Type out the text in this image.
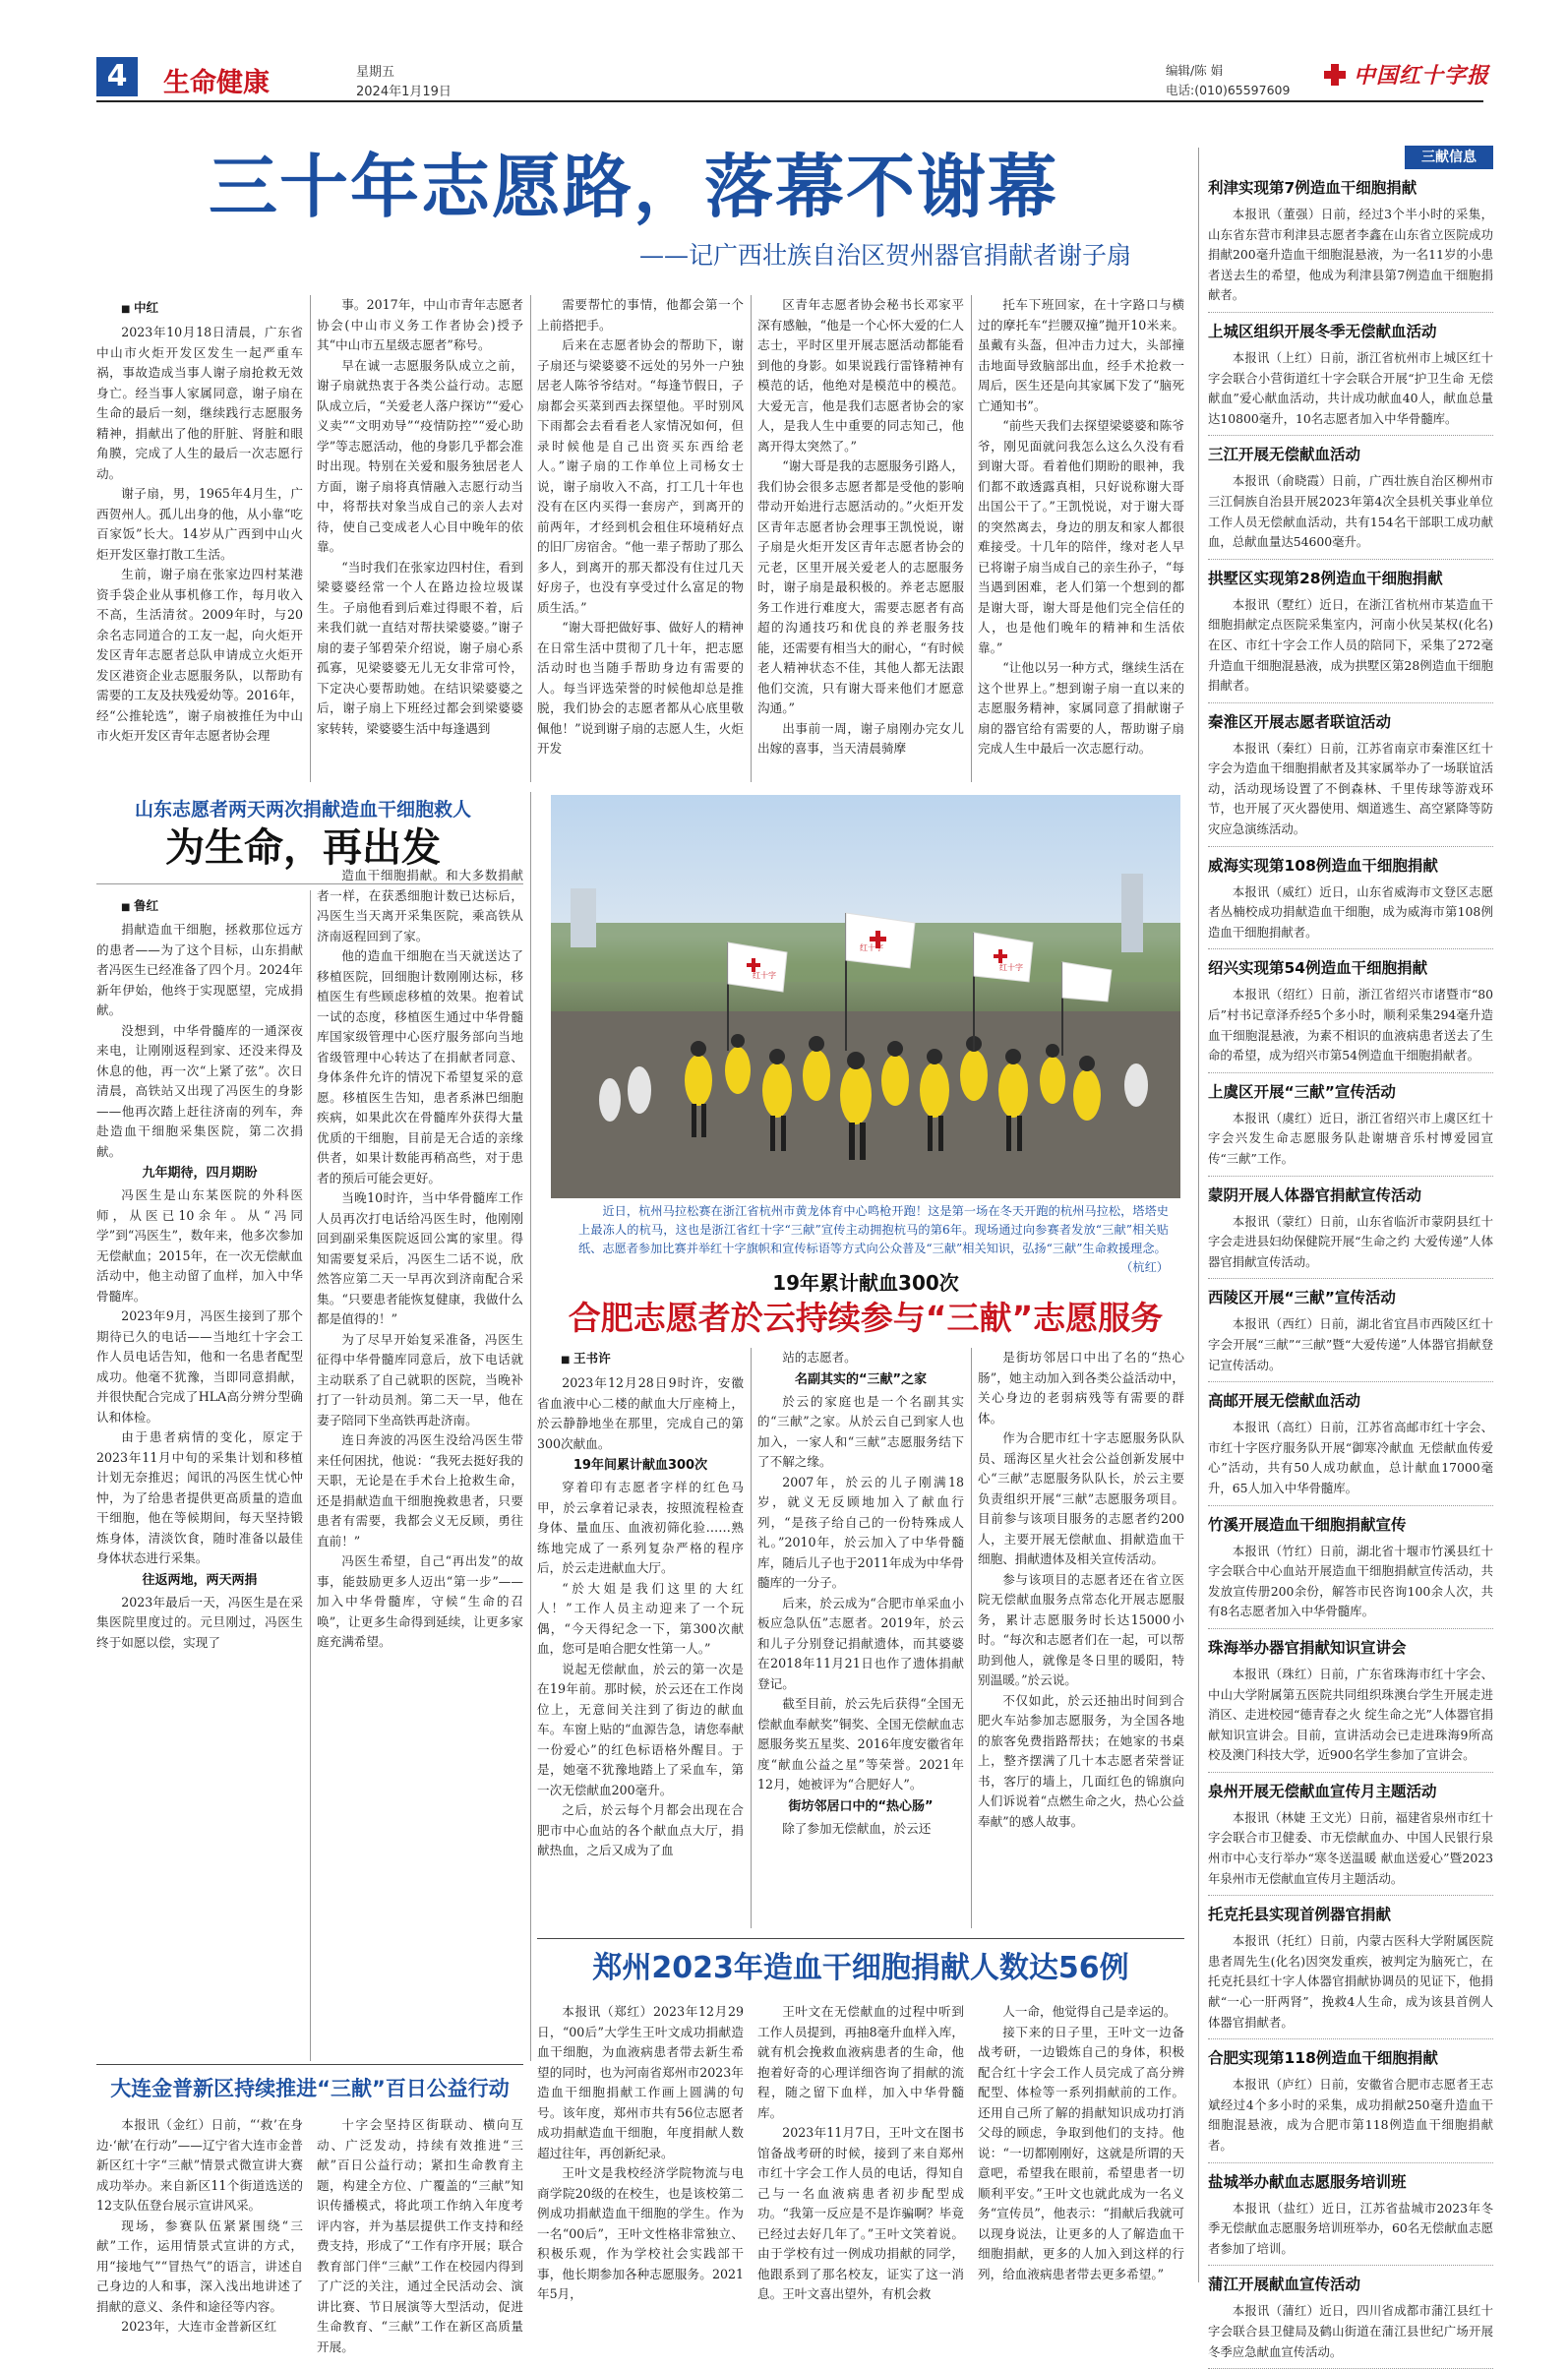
4	生命健康	星期五
2024年1月19日
编辑/陈 娟
电话:(010)65597609
中国红十字报
三十年志愿路，落幕不谢幕
——记广西壮族自治区贺州器官捐献者谢子扇
■ 中红

2023年10月18日清晨，广东省中山市火炬开发区发生一起严重车祸，事故造成当事人谢子扇抢救无效身亡。经当事人家属同意，谢子扇在生命的最后一刻，继续践行志愿服务精神，捐献出了他的肝脏、肾脏和眼角膜，完成了人生的最后一次志愿行动。

谢子扇，男，1965年4月生，广西贺州人。孤儿出身的他，从小靠“吃百家饭”长大。14岁从广西到中山火炬开发区靠打散工生活。

生前，谢子扇在张家边四村某港资手袋企业从事机修工作，每月收入不高，生活清贫。2009年时，与20余名志同道合的工友一起，向火炬开发区青年志愿者总队申请成立火炬开发区港资企业志愿服务队，以帮助有需要的工友及扶残爱幼等。2016年，经“公推轮选”，谢子扇被推任为中山市火炬开发区青年志愿者协会理

事。2017年，中山市青年志愿者协会(中山市义务工作者协会)授予其“中山市五星级志愿者”称号。

早在诚一志愿服务队成立之前，谢子扇就热衷于各类公益行动。志愿队成立后，“关爱老人落户探访”“爱心义卖”“文明劝导”“疫情防控”“爱心助学”等志愿活动，他的身影几乎都会准时出现。特别在关爱和服务独居老人方面，谢子扇将真情融入志愿行动当中，将帮扶对象当成自己的亲人去对待，使自己变成老人心目中晚年的依靠。

“当时我们在张家边四村住，看到梁婆婆经常一个人在路边捡垃圾谋生。子扇他看到后难过得眼不着，后来我们就一直结对帮扶梁婆婆。”谢子扇的妻子邹碧荣介绍说，谢子扇心系孤寡，见梁婆婆无儿无女非常可怜，下定决心要帮助她。在结识梁婆婆之后，谢子扇上下班经过都会到梁婆婆家转转，梁婆婆生活中每逢遇到

需要帮忙的事情，他都会第一个上前搭把手。

后来在志愿者协会的帮助下，谢子扇还与梁婆婆不远处的另外一户独居老人陈爷爷结对。“每逢节假日，子扇都会买菜到西去探望他。平时别风下雨都会去看看老人家情况如何，但录时候他是自己出资买东西给老人。”谢子扇的工作单位上司杨女士说，谢子扇收入不高，打工几十年也没有在区内买得一套房产，到离开的前两年，才经到机会租住环境稍好点的旧厂房宿舍。“他一辈子帮助了那么多人，到离开的那天都没有住过几天好房子，也没有享受过什么富足的物质生活。”

“谢大哥把做好事、做好人的精神在日常生活中贯彻了几十年，把志愿活动时也当随手帮助身边有需要的人。每当评选荣誉的时候他却总是推脱，我们协会的志愿者都从心底里敬佩他！”说到谢子扇的志愿人生，火炬开发

区青年志愿者协会秘书长邓家平深有感触，“他是一个心怀大爱的仁人志士，平时区里开展志愿活动都能看到他的身影。如果说践行雷锋精神有模范的话，他绝对是模范中的模范。大爱无言，他是我们志愿者协会的家人，是我人生中重要的同志知己，他离开得太突然了。”

“谢大哥是我的志愿服务引路人，我们协会很多志愿者都是受他的影响带动开始进行志愿活动的。”火炬开发区青年志愿者协会理事王凯悦说，谢子扇是火炬开发区青年志愿者协会的元老，区里开展关爱老人的志愿服务时，谢子扇是最积极的。养老志愿服务工作进行难度大，需要志愿者有高超的沟通技巧和优良的养老服务技能，还需要有相当大的耐心，“有时候老人精神状态不佳，其他人都无法跟他们交流，只有谢大哥来他们才愿意沟通。”

出事前一周，谢子扇刚办完女儿出嫁的喜事，当天清晨骑摩

托车下班回家，在十字路口与横过的摩托车“拦腰双撞”抛开10米来。虽戴有头盔，但冲击力过大，头部撞击地面导致脑部出血，经手术抢救一周后，医生还是向其家属下发了“脑死亡通知书”。

“前些天我们去探望梁婆婆和陈爷爷，刚见面就问我怎么这么久没有看到谢大哥。看着他们期盼的眼神，我们都不敢透露真相，只好说称谢大哥出国公干了。”王凯悦说，对于谢大哥的突然离去，身边的朋友和家人都很难接受。十几年的陪伴，缘对老人早已将谢子扇当成自己的亲生孙子，“每当遇到困难，老人们第一个想到的都是谢大哥，谢大哥是他们完全信任的人，也是他们晚年的精神和生活依靠。”

“让他以另一种方式，继续生活在这个世界上。”想到谢子扇一直以来的志愿服务精神，家属同意了捐献谢子扇的器官给有需要的人，帮助谢子扇完成人生中最后一次志愿行动。

山东志愿者两天两次捐献造血干细胞救人
为生命，再出发
■ 鲁红

捐献造血干细胞，拯救那位远方的患者——为了这个目标，山东捐献者冯医生已经准备了四个月。2024年新年伊始，他终于实现愿望，完成捐献。

没想到，中华骨髓库的一通深夜来电，让刚刚返程到家、还没来得及休息的他，再一次“上紧了弦”。次日清晨，高铁站又出现了冯医生的身影——他再次踏上赶往济南的列车，奔赴造血干细胞采集医院，第二次捐献。

九年期待，四月期盼

冯医生是山东某医院的外科医师，从医已10余年。从“冯同学”到“冯医生”，数年来，他多次参加无偿献血；2015年，在一次无偿献血活动中，他主动留了血样，加入中华骨髓库。

2023年9月，冯医生接到了那个期待已久的电话——当地红十字会工作人员电话告知，他和一名患者配型成功。他毫不犹豫，当即同意捐献，并很快配合完成了HLA高分辨分型确认和体检。

由于患者病情的变化，原定于2023年11月中旬的采集计划和移植计划无奈推迟；闻讯的冯医生忧心忡忡，为了给患者提供更高质量的造血干细胞，他在等候期间，每天坚持锻炼身体，清淡饮食，随时准备以最佳身体状态进行采集。

往返两地，两天两捐

2023年最后一天，冯医生是在采集医院里度过的。元旦刚过，冯医生终于如愿以偿，实现了

造血干细胞捐献。和大多数捐献者一样，在获悉细胞计数已达标后，冯医生当天离开采集医院，乘高铁从济南返程回到了家。

他的造血干细胞在当天就送达了移植医院，回细胞计数刚刚达标，移植医生有些顾虑移植的效果。抱着试一试的态度，移植医生通过中华骨髓库国家级管理中心医疗服务部向当地省级管理中心转达了在捐献者同意、身体条件允许的情况下希望复采的意愿。移植医生告知，患者系淋巴细胞疾病，如果此次在骨髓库外获得大量优质的干细胞，目前是无合适的亲缘供者，如果计数能再稍高些，对于患者的预后可能会更好。

当晚10时许，当中华骨髓库工作人员再次打电话给冯医生时，他刚刚回到副采集医院返回公寓的家里。得知需要复采后，冯医生二话不说，欣然答应第二天一早再次到济南配合采集。“只要患者能恢复健康，我做什么都是值得的！”

为了尽早开始复采准备，冯医生征得中华骨髓库同意后，放下电话就主动联系了自己就职的医院，当晚补打了一针动员剂。第二天一早，他在妻子陪同下坐高铁再赴济南。

连日奔波的冯医生没给冯医生带来任何困扰，他说：“我死去挺好我的天职，无论是在手术台上抢救生命，还是捐献造血干细胞挽救患者，只要患者有需要，我都会义无反顾，勇往直前！”

冯医生希望，自己“再出发”的故事，能鼓励更多人迈出“第一步”——加入中华骨髓库，守候“生命的召唤”，让更多生命得到延续，让更多家庭充满希望。

红十字
红十字
红十字
近日，杭州马拉松赛在浙江省杭州市黄龙体育中心鸣枪开跑！这是第一场在冬天开跑的杭州马拉松，塔塔史上最冻人的杭马，这也是浙江省红十字“三献”宣传主动拥抱杭马的第6年。现场通过向参赛者发放“三献”相关贴纸、志愿者参加比赛并举红十字旗帜和宣传标语等方式向公众普及“三献”相关知识，弘扬“三献”生命救援理念。
（杭红）
19年累计献血300次
合肥志愿者於云持续参与“三献”志愿服务
■ 王书许

2023年12月28日9时许，安徽省血液中心二楼的献血大厅座椅上，於云静静地坐在那里，完成自己的第300次献血。

19年间累计献血300次

穿着印有志愿者字样的红色马甲，於云拿着记录表，按照流程检查身体、量血压、血液初筛化验……熟练地完成了一系列复杂严格的程序后，於云走进献血大厅。

“於大姐是我们这里的大红人！”工作人员主动迎来了一个玩偶，“今天得纪念一下，第300次献血，您可是咱合肥女性第一人。”

说起无偿献血，於云的第一次是在19年前。那时候，於云还在工作岗位上，无意间关注到了街边的献血车。车窗上贴的“血源告急，请您奉献一份爱心”的红色标语格外醒目。于是，她毫不犹豫地踏上了采血车，第一次无偿献血200毫升。

之后，於云每个月都会出现在合肥市中心血站的各个献血点大厅，捐献热血，之后又成为了血

站的志愿者。

名副其实的“三献”之家

於云的家庭也是一个名副其实的“三献”之家。从於云自己到家人也加入，一家人和“三献”志愿服务结下了不解之缘。

2007年，於云的儿子刚满18岁，就义无反顾地加入了献血行列，“是孩子给自己的一份特殊成人礼。”2010年，於云加入了中华骨髓库，随后儿子也于2011年成为中华骨髓库的一分子。

后来，於云成为“合肥市单采血小板应急队伍”志愿者。2019年，於云和儿子分别登记捐献遗体，而其婆婆在2018年11月21日也作了遗体捐献登记。

截至目前，於云先后获得“全国无偿献血奉献奖”铜奖、全国无偿献血志愿服务奖五星奖、2016年度安徽省年度“献血公益之星”等荣誉。2021年12月，她被评为“合肥好人”。

街坊邻居口中的“热心肠”

除了参加无偿献血，於云还

是街坊邻居口中出了名的“热心肠”，她主动加入到各类公益活动中，关心身边的老弱病残等有需要的群体。

作为合肥市红十字志愿服务队队员、瑶海区星火社会公益创新发展中心“三献”志愿服务队队长，於云主要负责组织开展“三献”志愿服务项目。目前参与该项目服务的志愿者约200人，主要开展无偿献血、捐献造血干细胞、捐献遗体及相关宣传活动。

参与该项目的志愿者还在省立医院无偿献血服务点常态化开展志愿服务，累计志愿服务时长达15000小时。“每次和志愿者们在一起，可以帮助到他人，就像是冬日里的暖阳，特别温暖。”於云说。

不仅如此，於云还抽出时间到合肥火车站参加志愿服务，为全国各地的旅客免费指路帮扶；在她家的书桌上，整齐摆满了几十本志愿者荣誉证书，客厅的墙上，几面红色的锦旗向人们诉说着“点燃生命之火，热心公益奉献”的感人故事。

大连金普新区持续推进“三献”百日公益行动

本报讯（金红）日前，“‘救’在身边·‘献’在行动”——辽宁省大连市金普新区红十字“三献”情景式微宣讲大赛成功举办。来自新区11个街道选送的12支队伍登台展示宣讲风采。

现场，参赛队伍紧紧围绕“三献”工作，运用情景式宣讲的方式，用“接地气”“冒热气”的语言，讲述自己身边的人和事，深入浅出地讲述了捐献的意义、条件和途径等内容。

2023年，大连市金普新区红

十字会坚持区街联动、横向互动、广泛发动，持续有效推进“三献”百日公益行动；紧扣生命教育主题，构建全方位、广覆盖的“三献”知识传播模式，将此项工作纳入年度考评内容，并为基层提供工作支持和经费支持，形成了“工作有序开展；联合教育部门伴“三献”工作在校园内得到了广泛的关注，通过全民活动会、演讲比赛、节日展演等大型活动，促进生命教育、“三献”工作在新区高质量开展。

郑州2023年造血干细胞捐献人数达56例

本报讯（郑红）2023年12月29日，“00后”大学生王叶文成功捐献造血干细胞，为血液病患者带去新生希望的同时，也为河南省郑州市2023年造血干细胞捐献工作画上圆满的句号。该年度，郑州市共有56位志愿者成功捐献造血干细胞，年度捐献人数超过往年，再创新纪录。

王叶文是我校经济学院物流与电商学院20级的在校生，也是该校第二例成功捐献造血干细胞的学生。作为一名“00后”，王叶文性格非常独立、积极乐观，作为学校社会实践部干事，他长期参加各种志愿服务。2021年5月，

王叶文在无偿献血的过程中听到工作人员提到，再抽8毫升血样入库，就有机会挽救血液病患者的生命，他抱着好奇的心理详细咨询了捐献的流程，随之留下血样，加入中华骨髓库。

2023年11月7日，王叶文在图书馆备战考研的时候，接到了来自郑州市红十字会工作人员的电话，得知自己与一名血液病患者初步配型成功。“我第一反应是不是诈骗啊？毕竟已经过去好几年了。”王叶文笑着说。由于学校有过一例成功捐献的同学，他跟系到了那名校友，证实了这一消息。王叶文喜出望外，有机会救

人一命，他觉得自己是幸运的。

接下来的日子里，王叶文一边备战考研，一边锻炼自己的身体，积极配合红十字会工作人员完成了高分辨配型、体检等一系列捐献前的工作。还用自己所了解的捐献知识成功打消父母的顾虑，争取到他们的支持。他说：“一切都刚刚好，这就是所谓的天意吧，希望我在眼前，希望患者一切顺利平安。”王叶文也就此成为一名义务“宣传员”，他表示：“捐献后我就可以现身说法，让更多的人了解造血干细胞捐献，更多的人加入到这样的行列，给血液病患者带去更多希望。”

三献信息
利津实现第7例造血干细胞捐献
本报讯（董强）日前，经过3个半小时的采集，山东省东营市利津县志愿者李鑫在山东省立医院成功捐献200毫升造血干细胞混悬液，为一名11岁的小患者送去生的希望，他成为利津县第7例造血干细胞捐献者。
上城区组织开展冬季无偿献血活动
本报讯（上红）日前，浙江省杭州市上城区红十字会联合小营街道红十字会联合开展“护卫生命 无偿献血”爱心献血活动，共计成功献血40人，献血总量达10800毫升，10名志愿者加入中华骨髓库。
三江开展无偿献血活动
本报讯（俞晓霞）日前，广西壮族自治区柳州市三江侗族自治县开展2023年第4次全县机关事业单位工作人员无偿献血活动，共有154名干部职工成功献血，总献血量达54600毫升。
拱墅区实现第28例造血干细胞捐献
本报讯（墅红）近日，在浙江省杭州市某造血干细胞捐献定点医院采集室内，河南小伙吴某权(化名)在区、市红十字会工作人员的陪同下，采集了272毫升造血干细胞混悬液，成为拱墅区第28例造血干细胞捐献者。
秦淮区开展志愿者联谊活动
本报讯（秦红）日前，江苏省南京市秦淮区红十字会为造血干细胞捐献者及其家属举办了一场联谊活动，活动现场设置了不倒森林、千里传球等游戏环节，也开展了灭火器使用、烟道逃生、高空紧降等防灾应急演练活动。
威海实现第108例造血干细胞捐献
本报讯（威红）近日，山东省威海市文登区志愿者丛楠校成功捐献造血干细胞，成为威海市第108例造血干细胞捐献者。
绍兴实现第54例造血干细胞捐献
本报讯（绍红）日前，浙江省绍兴市诸暨市“80后”村书记章泽乔经5个多小时，顺利采集294毫升造血干细胞混悬液，为素不相识的血液病患者送去了生命的希望，成为绍兴市第54例造血干细胞捐献者。
上虞区开展“三献”宣传活动
本报讯（虞红）近日，浙江省绍兴市上虞区红十字会兴发生命志愿服务队赴谢塘音乐村博爱园宣传“三献”工作。
蒙阴开展人体器官捐献宣传活动
本报讯（蒙红）日前，山东省临沂市蒙阴县红十字会走进县妇幼保健院开展“生命之约 大爱传递”人体器官捐献宣传活动。
西陵区开展“三献”宣传活动
本报讯（西红）日前，湖北省宜昌市西陵区红十字会开展“三献”“三献”暨“大爱传递”人体器官捐献登记宣传活动。
高邮开展无偿献血活动
本报讯（高红）日前，江苏省高邮市红十字会、市红十字医疗服务队开展“御寒冷献血 无偿献血传爱心”活动，共有50人成功献血，总计献血17000毫升，65人加入中华骨髓库。
竹溪开展造血干细胞捐献宣传
本报讯（竹红）日前，湖北省十堰市竹溪县红十字会联合中心血站开展造血干细胞捐献宣传活动，共发放宣传册200余份，解答市民咨询100余人次，共有8名志愿者加入中华骨髓库。
珠海举办器官捐献知识宣讲会
本报讯（珠红）日前，广东省珠海市红十字会、中山大学附属第五医院共同组织珠澳台学生开展走进消区、走进校园“德青春之火 绽生命之光”人体器官捐献知识宣讲会。目前，宣讲活动会已走进珠海9所高校及澳门科技大学，近900名学生参加了宣讲会。
泉州开展无偿献血宣传月主题活动
本报讯（林婕 王文光）日前，福建省泉州市红十字会联合市卫健委、市无偿献血办、中国人民银行泉州市中心支行举办“寒冬送温暖 献血送爱心”暨2023年泉州市无偿献血宣传月主题活动。
托克托县实现首例器官捐献
本报讯（托红）日前，内蒙古医科大学附属医院患者周先生(化名)因突发重疾，被判定为脑死亡，在托克托县红十字人体器官捐献协调员的见证下，他捐献“一心一肝两肾”，挽救4人生命，成为该县首例人体器官捐献者。
合肥实现第118例造血干细胞捐献
本报讯（庐红）日前，安徽省合肥市志愿者王志斌经过4个多小时的采集，成功捐献250毫升造血干细胞混悬液，成为合肥市第118例造血干细胞捐献者。
盐城举办献血志愿服务培训班
本报讯（盐红）近日，江苏省盐城市2023年冬季无偿献血志愿服务培训班举办，60名无偿献血志愿者参加了培训。
蒲江开展献血宣传活动
本报讯（蒲红）近日，四川省成都市蒲江县红十字会联合县卫健局及鹤山街道在蒲江县世纪广场开展冬季应急献血宣传活动。
